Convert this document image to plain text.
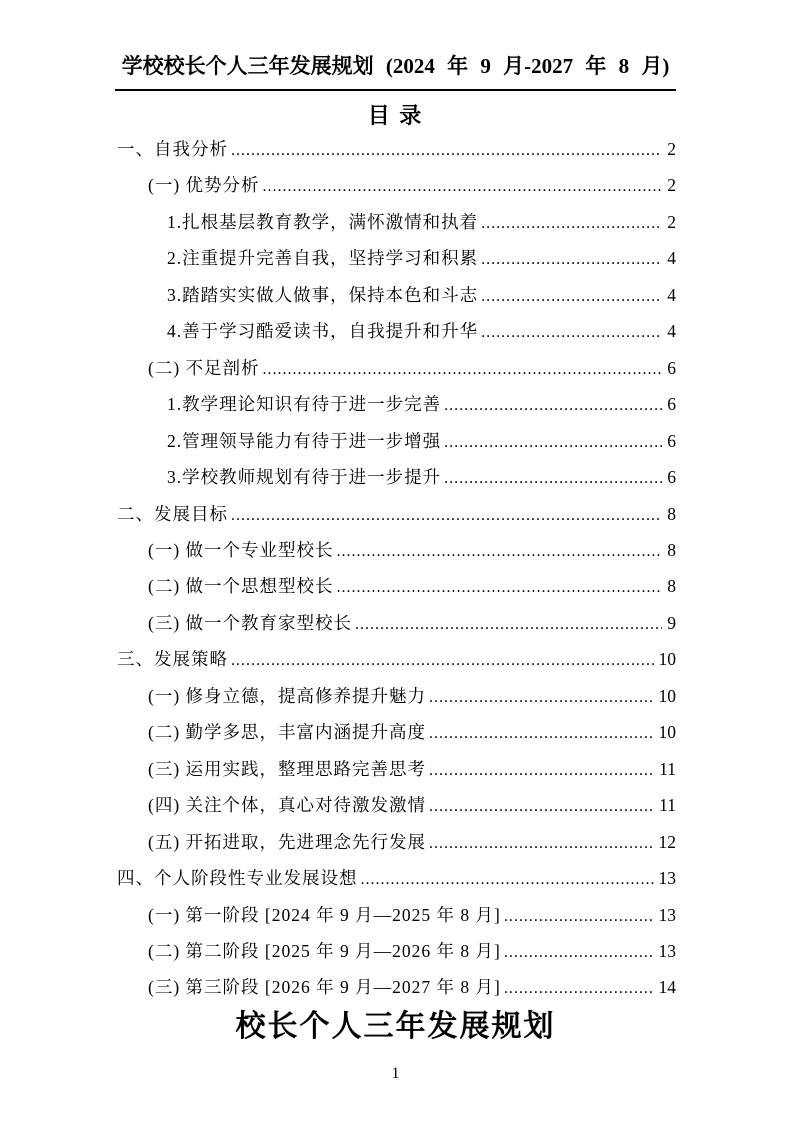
学校校长个人三年发展规划 (2024 年 9 月-2027 年 8 月)
目 录
一、自我分析 .....	2
(一) 优势分析 .....	2
1.扎根基层教育教学，满怀激情和执着 .....	2
2.注重提升完善自我，坚持学习和积累 .....	4
3.踏踏实实做人做事，保持本色和斗志 .....	4
4.善于学习酷爱读书，自我提升和升华 .....	4
(二) 不足剖析 .....	6
1.教学理论知识有待于进一步完善 .....	6
2.管理领导能力有待于进一步增强 .....	6
3.学校教师规划有待于进一步提升 .....	6
二、发展目标 .....	8
(一) 做一个专业型校长 .....	8
(二) 做一个思想型校长 .....	8
(三) 做一个教育家型校长 .....	9
三、发展策略 .....	10
(一) 修身立德，提高修养提升魅力 .....	10
(二) 勤学多思，丰富内涵提升高度 .....	10
(三) 运用实践，整理思路完善思考 .....	11
(四) 关注个体，真心对待激发激情 .....	11
(五) 开拓进取，先进理念先行发展 .....	12
四、个人阶段性专业发展设想 .....	13
(一) 第一阶段 [2024 年 9 月—2025 年 8 月] .....	13
(二) 第二阶段 [2025 年 9 月—2026 年 8 月] .....	13
(三) 第三阶段 [2026 年 9 月—2027 年 8 月] .....	14
校长个人三年发展规划
1
